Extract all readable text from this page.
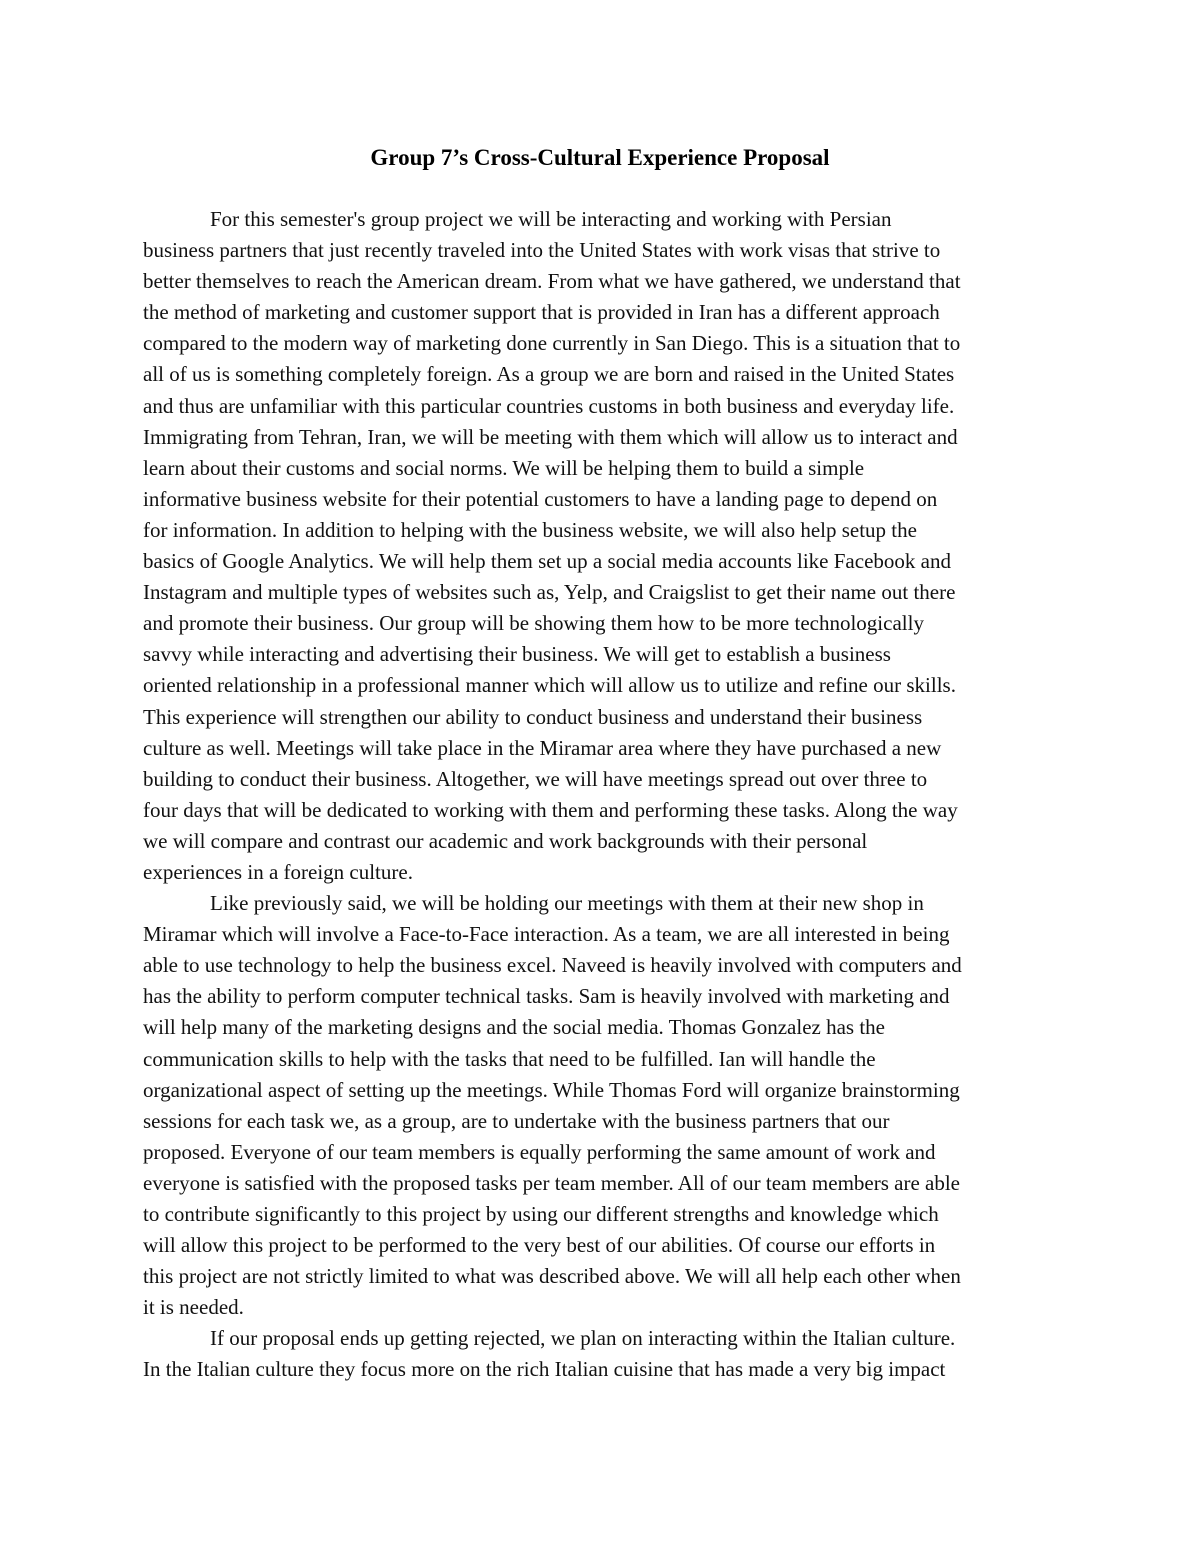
Group 7’s Cross-Cultural Experience Proposal
For this semester's group project we will be interacting and working with Persian
business partners that just recently traveled into the United States with work visas that strive to
better themselves to reach the American dream. From what we have gathered, we understand that
the method of marketing and customer support that is provided in Iran has a different approach
compared to the modern way of marketing done currently in San Diego. This is a situation that to
all of us is something completely foreign. As a group we are born and raised in the United States
and thus are unfamiliar with this particular countries customs in both business and everyday life.
Immigrating from Tehran, Iran, we will be meeting with them which will allow us to interact and
learn about their customs and social norms. We will be helping them to build a simple
informative business website for their potential customers to have a landing page to depend on
for information. In addition to helping with the business website, we will also help setup the
basics of Google Analytics. We will help them set up a social media accounts like Facebook and
Instagram and multiple types of websites such as, Yelp, and Craigslist to get their name out there
and promote their business. Our group will be showing them how to be more technologically
savvy while interacting and advertising their business. We will get to establish a business
oriented relationship in a professional manner which will allow us to utilize and refine our skills.
This experience will strengthen our ability to conduct business and understand their business
culture as well. Meetings will take place in the Miramar area where they have purchased a new
building to conduct their business. Altogether, we will have meetings spread out over three to
four days that will be dedicated to working with them and performing these tasks. Along the way
we will compare and contrast our academic and work backgrounds with their personal
experiences in a foreign culture.
Like previously said, we will be holding our meetings with them at their new shop in
Miramar which will involve a Face-to-Face interaction. As a team, we are all interested in being
able to use technology to help the business excel. Naveed is heavily involved with computers and
has the ability to perform computer technical tasks. Sam is heavily involved with marketing and
will help many of the marketing designs and the social media. Thomas Gonzalez has the
communication skills to help with the tasks that need to be fulfilled. Ian will handle the
organizational aspect of setting up the meetings. While Thomas Ford will organize brainstorming
sessions for each task we, as a group, are to undertake with the business partners that our
proposed. Everyone of our team members is equally performing the same amount of work and
everyone is satisfied with the proposed tasks per team member. All of our team members are able
to contribute significantly to this project by using our different strengths and knowledge which
will allow this project to be performed to the very best of our abilities. Of course our efforts in
this project are not strictly limited to what was described above. We will all help each other when
it is needed.
If our proposal ends up getting rejected, we plan on interacting within the Italian culture.
In the Italian culture they focus more on the rich Italian cuisine that has made a very big impact
